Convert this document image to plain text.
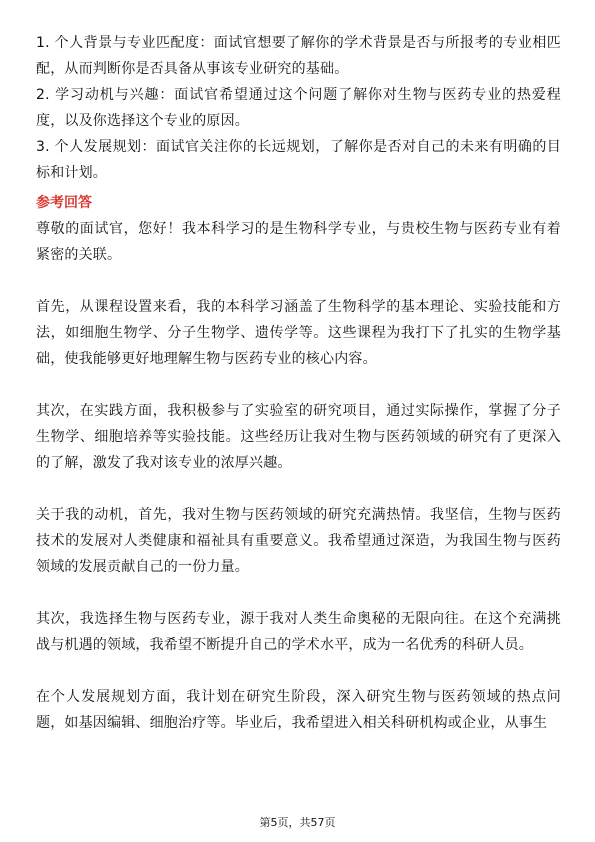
1. 个人背景与专业匹配度：面试官想要了解你的学术背景是否与所报考的专业相匹配，从而判断你是否具备从事该专业研究的基础。

2. 学习动机与兴趣：面试官希望通过这个问题了解你对生物与医药专业的热爱程度，以及你选择这个专业的原因。

3. 个人发展规划：面试官关注你的长远规划，了解你是否对自己的未来有明确的目标和计划。

参考回答

尊敬的面试官，您好！我本科学习的是生物科学专业，与贵校生物与医药专业有着紧密的关联。

首先，从课程设置来看，我的本科学习涵盖了生物科学的基本理论、实验技能和方法，如细胞生物学、分子生物学、遗传学等。这些课程为我打下了扎实的生物学基础，使我能够更好地理解生物与医药专业的核心内容。

其次，在实践方面，我积极参与了实验室的研究项目，通过实际操作，掌握了分子生物学、细胞培养等实验技能。这些经历让我对生物与医药领域的研究有了更深入的了解，激发了我对该专业的浓厚兴趣。

关于我的动机，首先，我对生物与医药领域的研究充满热情。我坚信，生物与医药技术的发展对人类健康和福祉具有重要意义。我希望通过深造，为我国生物与医药领域的发展贡献自己的一份力量。

其次，我选择生物与医药专业，源于我对人类生命奥秘的无限向往。在这个充满挑战与机遇的领域，我希望不断提升自己的学术水平，成为一名优秀的科研人员。

在个人发展规划方面，我计划在研究生阶段，深入研究生物与医药领域的热点问题，如基因编辑、细胞治疗等。毕业后，我希望进入相关科研机构或企业，从事生

第5页，共57页
